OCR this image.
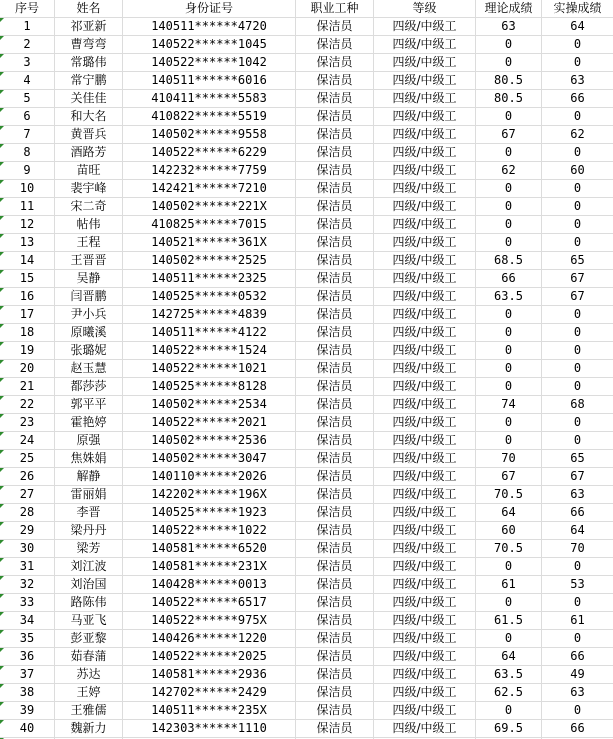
序号	姓名	身份证号	职业工种	等级	理论成绩	实操成绩
1	祁亚新	140511******4720	保洁员	四级/中级工	63	64
2	曹弯弯	140522******1045	保洁员	四级/中级工	0	0
3	常璐伟	140522******1042	保洁员	四级/中级工	0	0
4	常宁鹏	140511******6016	保洁员	四级/中级工	80.5	63
5	关佳佳	410411******5583	保洁员	四级/中级工	80.5	66
6	和大名	410822******5519	保洁员	四级/中级工	0	0
7	黄晋兵	140502******9558	保洁员	四级/中级工	67	62
8	酒路芳	140522******6229	保洁员	四级/中级工	0	0
9	苗旺	142232******7759	保洁员	四级/中级工	62	60
10	裴宇峰	142421******7210	保洁员	四级/中级工	0	0
11	宋二奇	140502******221X	保洁员	四级/中级工	0	0
12	帖伟	410825******7015	保洁员	四级/中级工	0	0
13	王程	140521******361X	保洁员	四级/中级工	0	0
14	王晋晋	140502******2525	保洁员	四级/中级工	68.5	65
15	吴静	140511******2325	保洁员	四级/中级工	66	67
16	闫晋鹏	140525******0532	保洁员	四级/中级工	63.5	67
17	尹小兵	142725******4839	保洁员	四级/中级工	0	0
18	原曦溪	140511******4122	保洁员	四级/中级工	0	0
19	张璐妮	140522******1524	保洁员	四级/中级工	0	0
20	赵玉慧	140522******1021	保洁员	四级/中级工	0	0
21	都莎莎	140525******8128	保洁员	四级/中级工	0	0
22	郭平平	140502******2534	保洁员	四级/中级工	74	68
23	霍艳婷	140522******2021	保洁员	四级/中级工	0	0
24	原强	140502******2536	保洁员	四级/中级工	0	0
25	焦姝娟	140502******3047	保洁员	四级/中级工	70	65
26	解静	140110******2026	保洁员	四级/中级工	67	67
27	雷丽娟	142202******196X	保洁员	四级/中级工	70.5	63
28	李晋	140525******1923	保洁员	四级/中级工	64	66
29	梁丹丹	140522******1022	保洁员	四级/中级工	60	64
30	梁芳	140581******6520	保洁员	四级/中级工	70.5	70
31	刘江波	140581******231X	保洁员	四级/中级工	0	0
32	刘治国	140428******0013	保洁员	四级/中级工	61	53
33	路陈伟	140522******6517	保洁员	四级/中级工	0	0
34	马亚飞	140522******975X	保洁员	四级/中级工	61.5	61
35	彭亚黎	140426******1220	保洁员	四级/中级工	0	0
36	茹春蒲	140522******2025	保洁员	四级/中级工	64	66
37	苏达	140581******2936	保洁员	四级/中级工	63.5	49
38	王婷	142702******2429	保洁员	四级/中级工	62.5	63
39	王雅儒	140511******235X	保洁员	四级/中级工	0	0
40	魏新力	142303******1110	保洁员	四级/中级工	69.5	66
